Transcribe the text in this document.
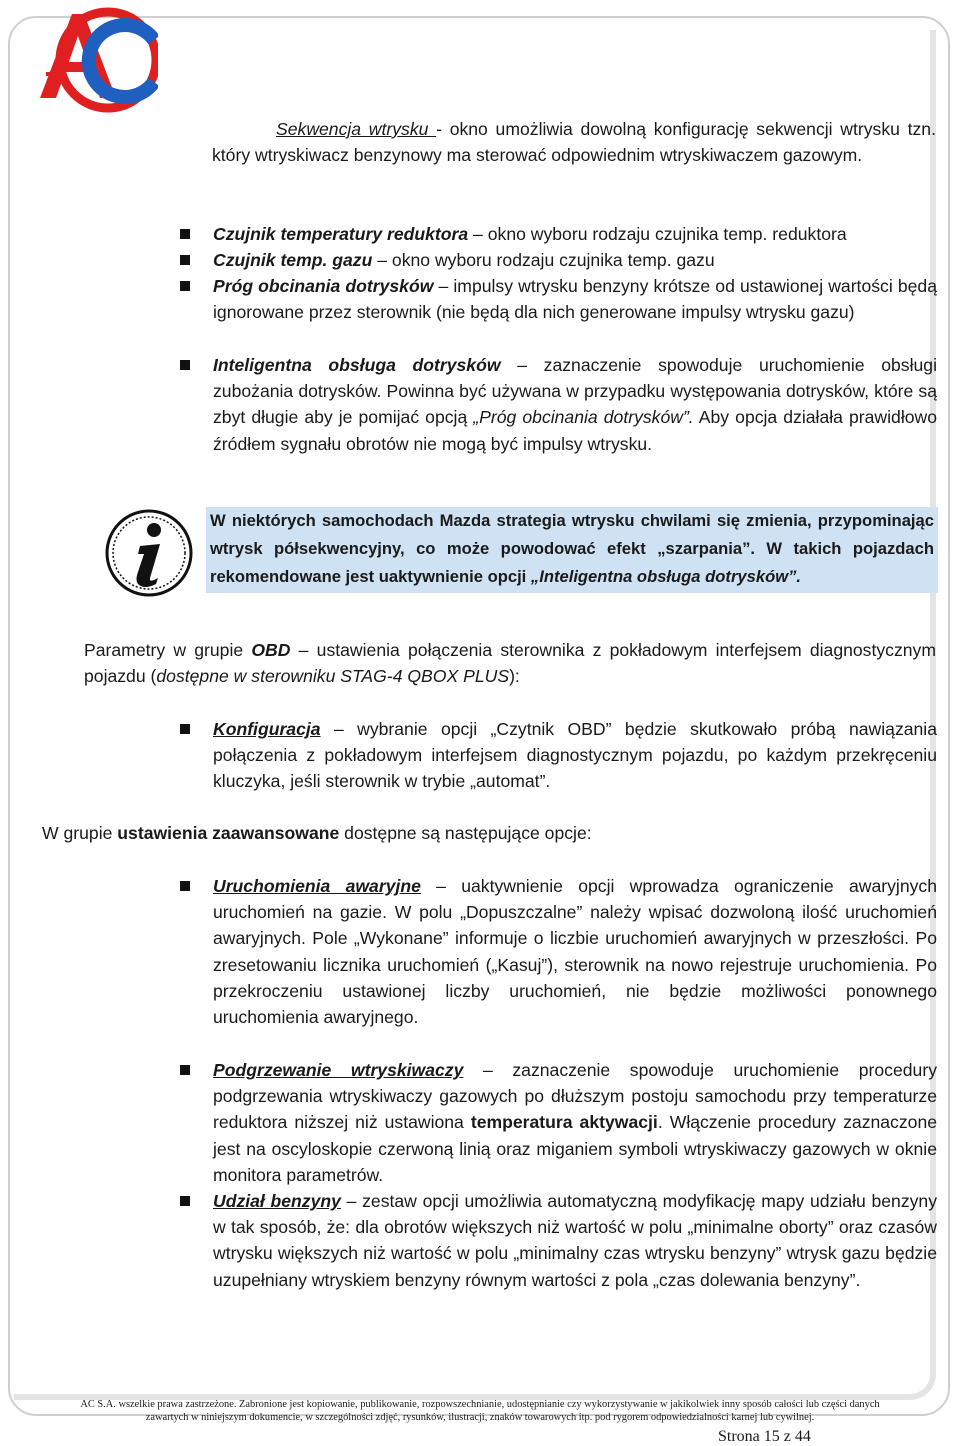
Sekwencja wtrysku - okno umożliwia dowolną konfigurację sekwencji wtrysku tzn. który wtryskiwacz benzynowy ma sterować odpowiednim wtryskiwaczem gazowym.
Czujnik temperatury reduktora – okno wyboru rodzaju czujnika temp. reduktora
Czujnik temp. gazu – okno wyboru rodzaju czujnika temp. gazu
Próg obcinania dotrysków – impulsy wtrysku benzyny krótsze od ustawionej wartości będą ignorowane przez sterownik (nie będą dla nich generowane impulsy wtrysku gazu)
Inteligentna obsługa dotrysków – zaznaczenie spowoduje uruchomienie obsługi zubożania dotrysków. Powinna być używana w przypadku występowania dotrysków, które są zbyt długie aby je pomijać opcją „Próg obcinania dotrysków”. Aby opcja działała prawidłowo źródłem sygnału obrotów nie mogą być impulsy wtrysku.
W niektórych samochodach Mazda strategia wtrysku chwilami się zmienia, przypominając wtrysk półsekwencyjny, co może powodować efekt „szarpania”. W takich pojazdach rekomendowane jest uaktywnienie opcji „Inteligentna obsługa dotrysków”.
Parametry w grupie OBD – ustawienia połączenia sterownika z pokładowym interfejsem diagnostycznym pojazdu (dostępne w sterowniku STAG-4 QBOX PLUS):
Konfiguracja – wybranie opcji „Czytnik OBD” będzie skutkowało próbą nawiązania połączenia z pokładowym interfejsem diagnostycznym pojazdu, po każdym przekręceniu kluczyka, jeśli sterownik w trybie „automat”.
W grupie ustawienia zaawansowane dostępne są następujące opcje:
Uruchomienia awaryjne – uaktywnienie opcji wprowadza ograniczenie awaryjnych uruchomień na gazie. W polu „Dopuszczalne” należy wpisać dozwoloną ilość uruchomień awaryjnych. Pole „Wykonane” informuje o liczbie uruchomień awaryjnych w przeszłości. Po zresetowaniu licznika uruchomień („Kasuj”), sterownik na nowo rejestruje uruchomienia. Po przekroczeniu ustawionej liczby uruchomień, nie będzie możliwości ponownego uruchomienia awaryjnego.
Podgrzewanie wtryskiwaczy – zaznaczenie spowoduje uruchomienie procedury podgrzewania wtryskiwaczy gazowych po dłuższym postoju samochodu przy temperaturze reduktora niższej niż ustawiona temperatura aktywacji. Włączenie procedury zaznaczone jest na oscyloskopie czerwoną linią oraz miganiem symboli wtryskiwaczy gazowych w oknie monitora parametrów.
Udział benzyny – zestaw opcji umożliwia automatyczną modyfikację mapy udziału benzyny w tak sposób, że: dla obrotów większych niż wartość w polu „minimalne oborty” oraz czasów wtrysku większych niż wartość w polu „minimalny czas wtrysku benzyny” wtrysk gazu będzie uzupełniany wtryskiem benzyny równym wartości z pola „czas dolewania benzyny”.
AC S.A. wszelkie prawa zastrzeżone. Zabronione jest kopiowanie, publikowanie, rozpowszechnianie, udostępnianie czy wykorzystywanie w jakikolwiek inny sposób całości lub części danych
zawartych w niniejszym dokumencie, w szczególności zdjęć, rysunków, ilustracji, znaków towarowych itp. pod rygorem odpowiedzialności karnej lub cywilnej.
Strona 15 z 44
